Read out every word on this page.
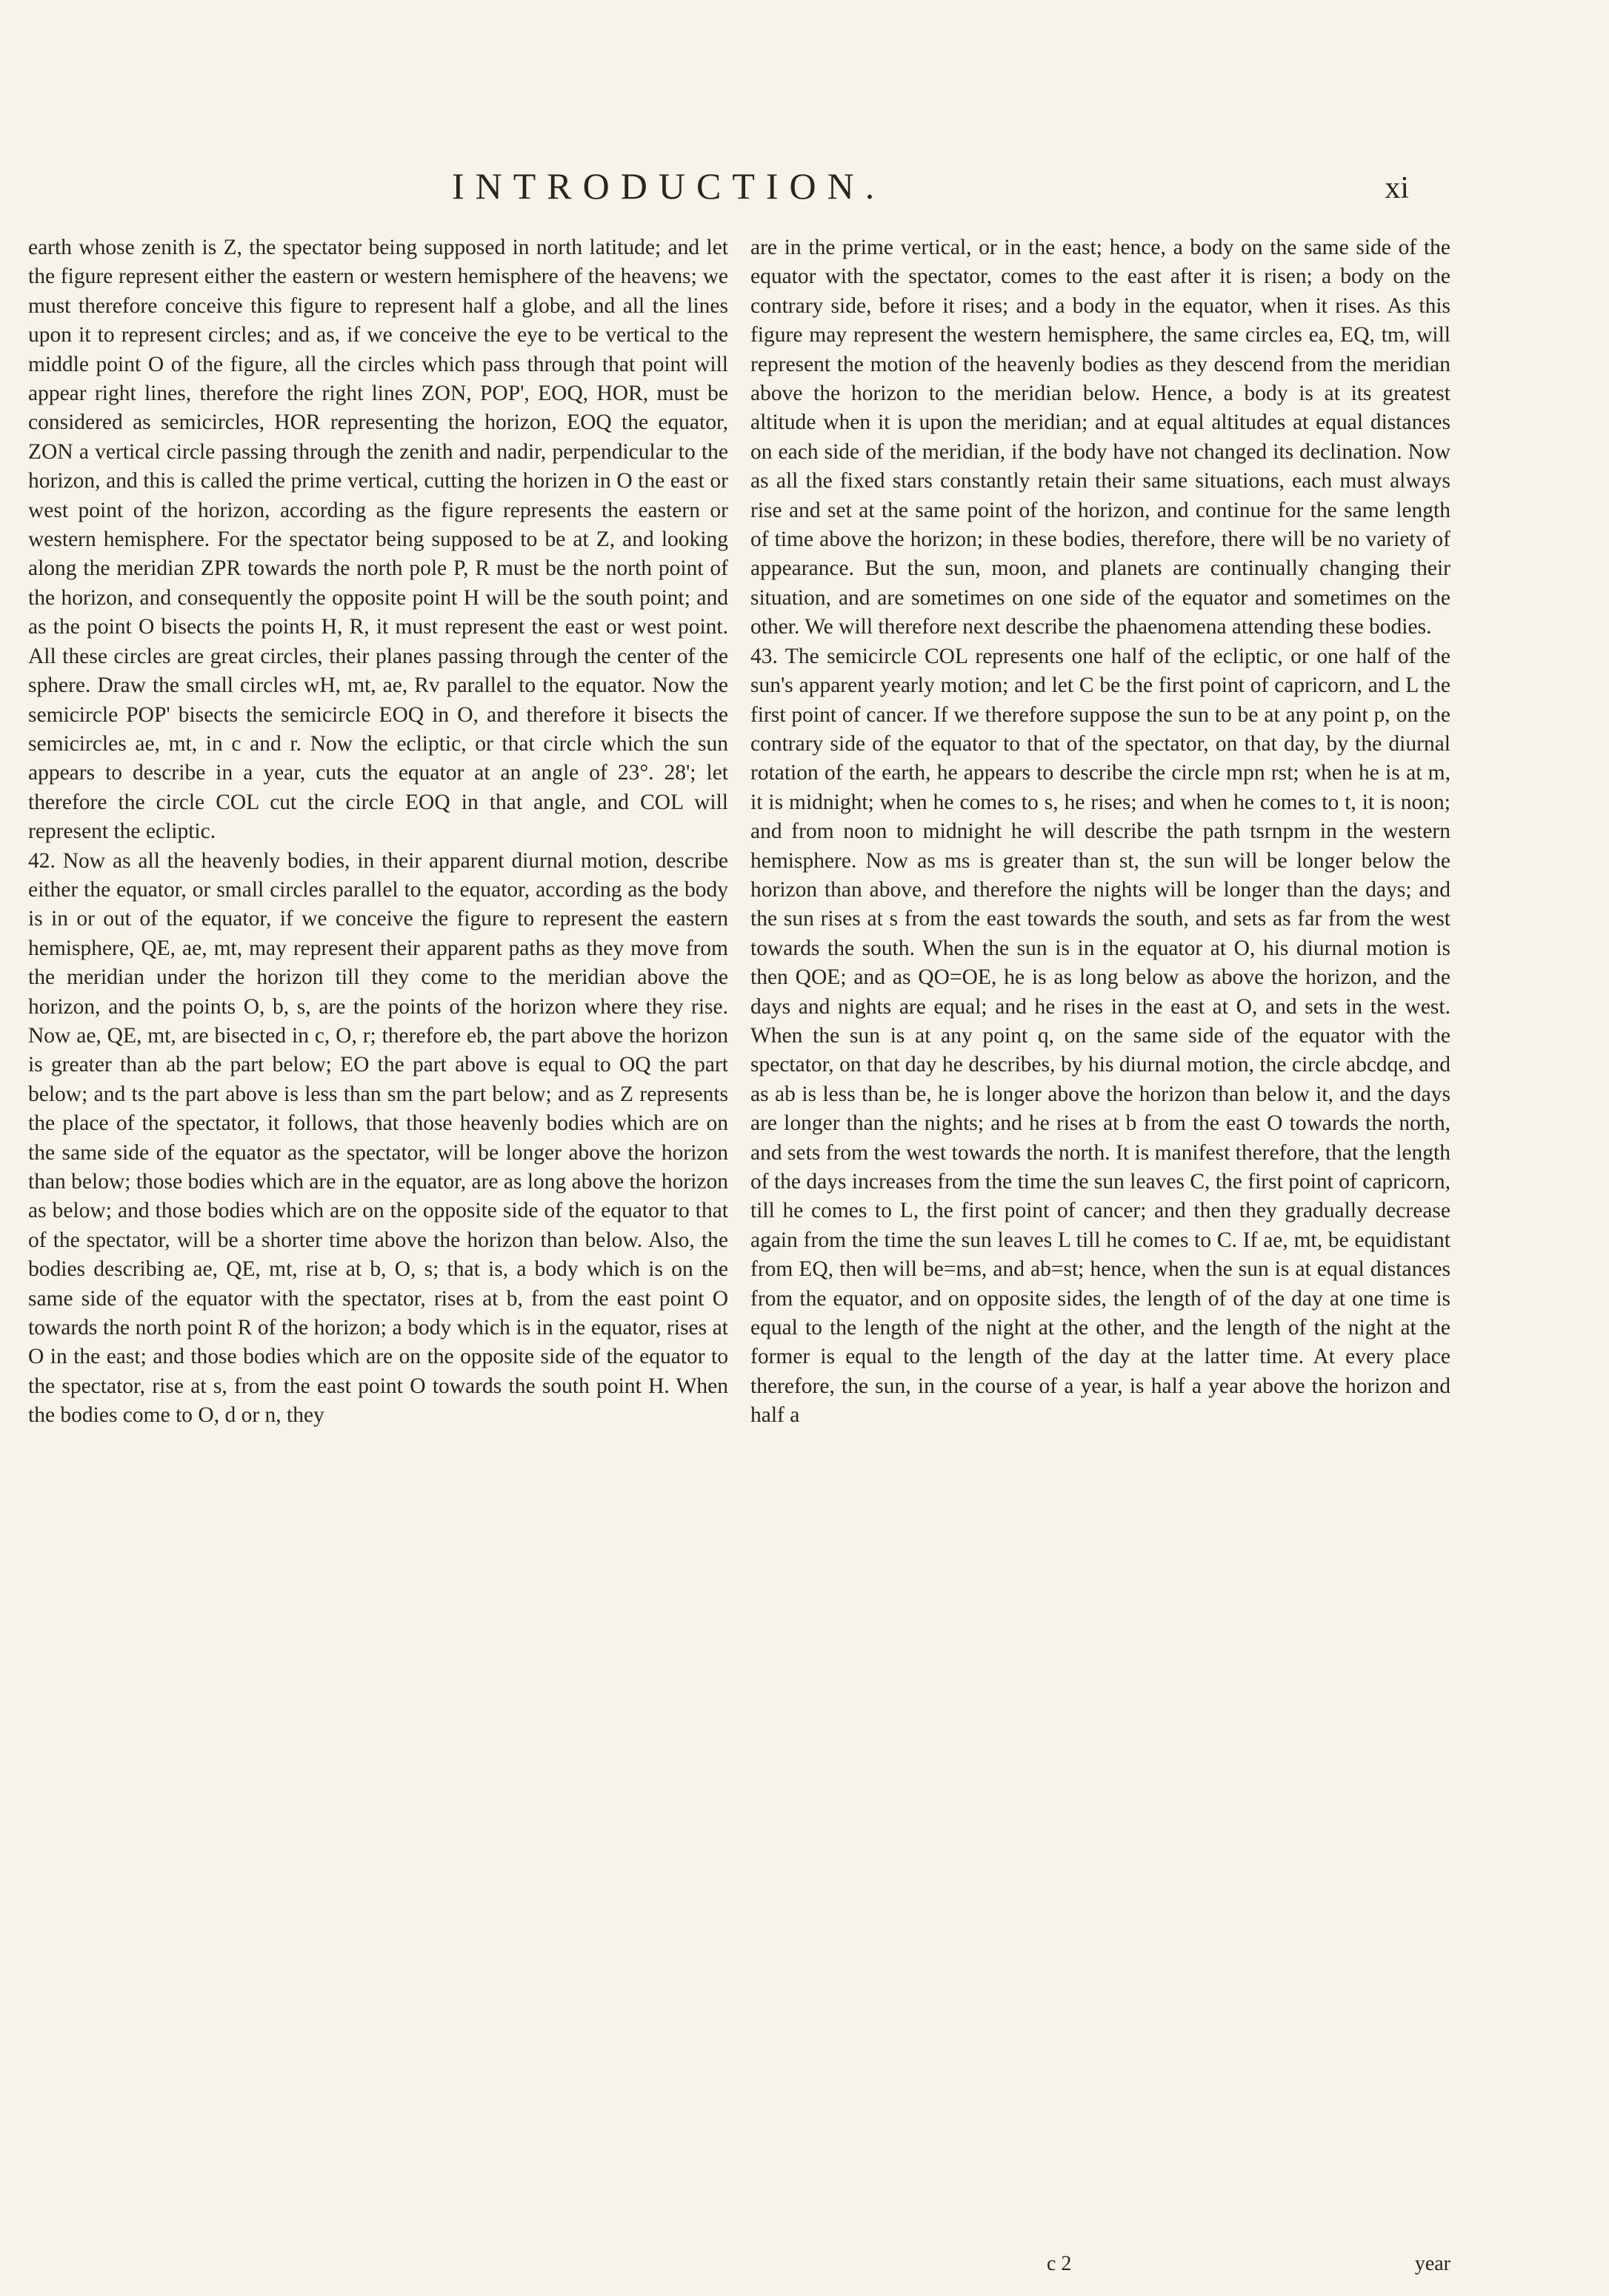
INTRODUCTION.	xi

earth whose zenith is Z, the spectator being supposed in north latitude; and let the figure represent either the eastern or western hemisphere of the heavens; we must therefore conceive this figure to represent half a globe, and all the lines upon it to represent circles; and as, if we conceive the eye to be vertical to the middle point O of the figure, all the circles which pass through that point will appear right lines, therefore the right lines ZON, POP', EOQ, HOR, must be considered as semicircles, HOR representing the horizon, EOQ the equator, ZON a vertical circle passing through the zenith and nadir, perpendicular to the horizon, and this is called the prime vertical, cutting the horizen in O the east or west point of the horizon, according as the figure represents the eastern or western hemisphere. For the spectator being supposed to be at Z, and looking along the meridian ZPR towards the north pole P, R must be the north point of the horizon, and consequently the opposite point H will be the south point; and as the point O bisects the points H, R, it must represent the east or west point. All these circles are great circles, their planes passing through the center of the sphere. Draw the small circles wH, mt, ae, Rv parallel to the equator. Now the semicircle POP' bisects the semicircle EOQ in O, and therefore it bisects the semicircles ae, mt, in c and r. Now the ecliptic, or that circle which the sun appears to describe in a year, cuts the equator at an angle of 23°. 28'; let therefore the circle COL cut the circle EOQ in that angle, and COL will represent the ecliptic.

42. Now as all the heavenly bodies, in their apparent diurnal motion, describe either the equator, or small circles parallel to the equator, according as the body is in or out of the equator, if we conceive the figure to represent the eastern hemisphere, QE, ae, mt, may represent their apparent paths as they move from the meridian under the horizon till they come to the meridian above the horizon, and the points O, b, s, are the points of the horizon where they rise. Now ae, QE, mt, are bisected in c, O, r; therefore eb, the part above the horizon is greater than ab the part below; EO the part above is equal to OQ the part below; and ts the part above is less than sm the part below; and as Z represents the place of the spectator, it follows, that those heavenly bodies which are on the same side of the equator as the spectator, will be longer above the horizon than below; those bodies which are in the equator, are as long above the horizon as below; and those bodies which are on the opposite side of the equator to that of the spectator, will be a shorter time above the horizon than below. Also, the bodies describing ae, QE, mt, rise at b, O, s; that is, a body which is on the same side of the equator with the spectator, rises at b, from the east point O towards the north point R of the horizon; a body which is in the equator, rises at O in the east; and those bodies which are on the opposite side of the equator to the spectator, rise at s, from the east point O towards the south point H. When the bodies come to O, d or n, they

are in the prime vertical, or in the east; hence, a body on the same side of the equator with the spectator, comes to the east after it is risen; a body on the contrary side, before it rises; and a body in the equator, when it rises. As this figure may represent the western hemisphere, the same circles ea, EQ, tm, will represent the motion of the heavenly bodies as they descend from the meridian above the horizon to the meridian below. Hence, a body is at its greatest altitude when it is upon the meridian; and at equal altitudes at equal distances on each side of the meridian, if the body have not changed its declination. Now as all the fixed stars constantly retain their same situations, each must always rise and set at the same point of the horizon, and continue for the same length of time above the horizon; in these bodies, therefore, there will be no variety of appearance. But the sun, moon, and planets are continually changing their situation, and are sometimes on one side of the equator and sometimes on the other. We will therefore next describe the phaenomena attending these bodies.

43. The semicircle COL represents one half of the ecliptic, or one half of the sun's apparent yearly motion; and let C be the first point of capricorn, and L the first point of cancer. If we therefore suppose the sun to be at any point p, on the contrary side of the equator to that of the spectator, on that day, by the diurnal rotation of the earth, he appears to describe the circle mpn rst; when he is at m, it is midnight; when he comes to s, he rises; and when he comes to t, it is noon; and from noon to midnight he will describe the path tsrnpm in the western hemisphere. Now as ms is greater than st, the sun will be longer below the horizon than above, and therefore the nights will be longer than the days; and the sun rises at s from the east towards the south, and sets as far from the west towards the south. When the sun is in the equator at O, his diurnal motion is then QOE; and as QO=OE, he is as long below as above the horizon, and the days and nights are equal; and he rises in the east at O, and sets in the west. When the sun is at any point q, on the same side of the equator with the spectator, on that day he describes, by his diurnal motion, the circle abcdqe, and as ab is less than be, he is longer above the horizon than below it, and the days are longer than the nights; and he rises at b from the east O towards the north, and sets from the west towards the north. It is manifest therefore, that the length of the days increases from the time the sun leaves C, the first point of capricorn, till he comes to L, the first point of cancer; and then they gradually decrease again from the time the sun leaves L till he comes to C. If ae, mt, be equidistant from EQ, then will be=ms, and ab=st; hence, when the sun is at equal distances from the equator, and on opposite sides, the length of of the day at one time is equal to the length of the night at the other, and the length of the night at the former is equal to the length of the day at the latter time. At every place therefore, the sun, in the course of a year, is half a year above the horizon and half a

c 2	year
